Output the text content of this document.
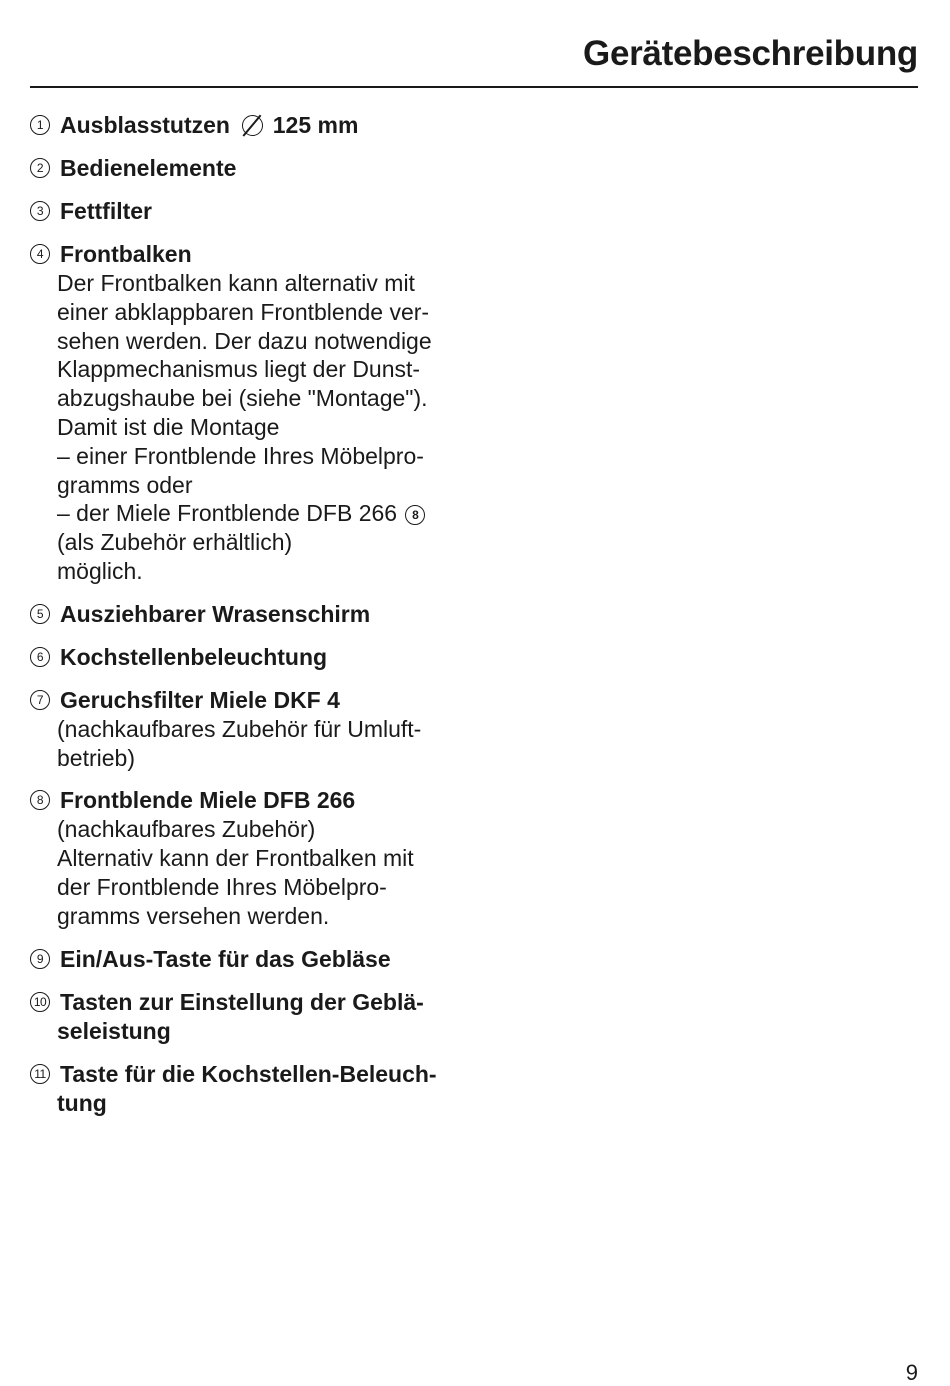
Gerätebeschreibung
1 Ausblasstutzen 125 mm
2 Bedienelemente
3 Fettfilter
4 Frontbalken
Der Frontbalken kann alternativ mit
einer abklappbaren Frontblende ver-
sehen werden. Der dazu notwendige
Klappmechanismus liegt der Dunst-
abzugshaube bei (siehe "Montage").
Damit ist die Montage
– einer Frontblende Ihres Möbelpro-
gramms oder
– der Miele Frontblende DFB 266 8
(als Zubehör erhältlich)
möglich.
5 Ausziehbarer Wrasenschirm
6 Kochstellenbeleuchtung
7 Geruchsfilter Miele DKF 4
(nachkaufbares Zubehör für Umluft-
betrieb)
8 Frontblende Miele DFB 266
(nachkaufbares Zubehör)
Alternativ kann der Frontbalken mit
der Frontblende Ihres Möbelpro-
gramms versehen werden.
9 Ein/Aus-Taste für das Gebläse
10 Tasten zur Einstellung der Geblä-
seleistung
11 Taste für die Kochstellen-Beleuch-
tung
9
